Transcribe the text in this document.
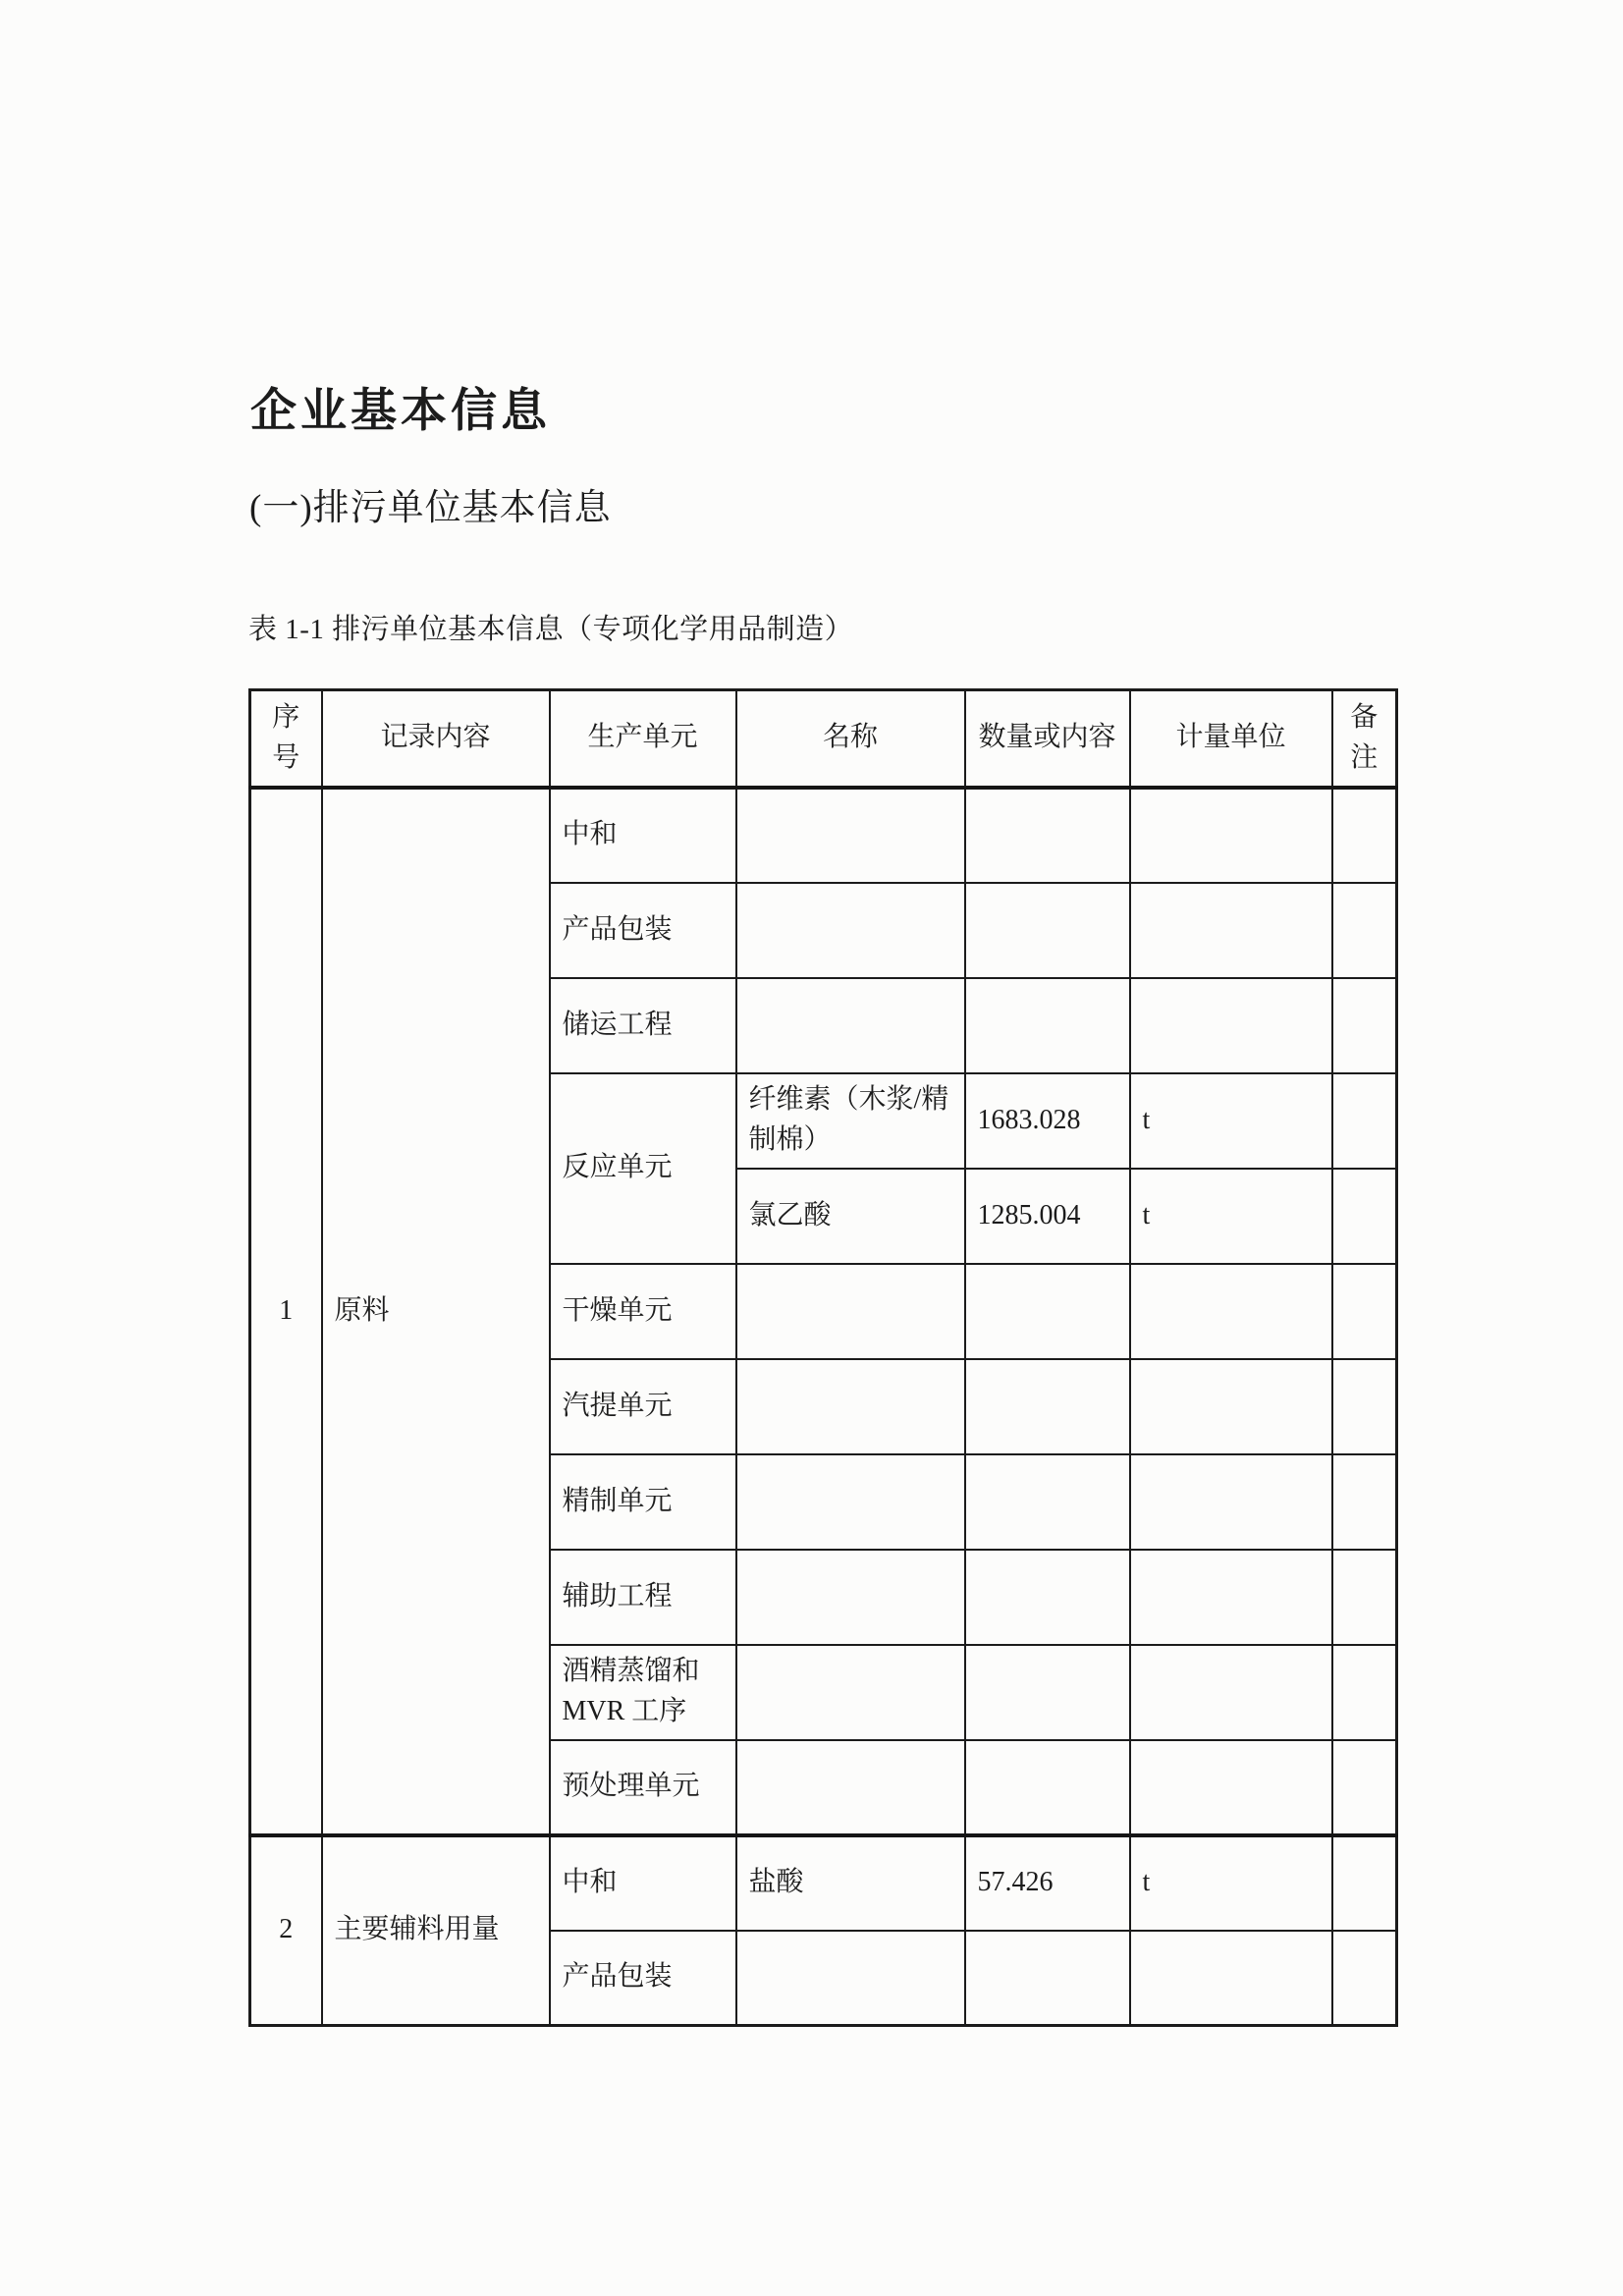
企业基本信息
(一)排污单位基本信息
表 1-1 排污单位基本信息（专项化学用品制造）
序号	记录内容	生产单元	名称	数量或内容	计量单位	备注
1	原料	中和				
		产品包装				
		储运工程				
		反应单元	纤维素（木浆/精制棉）	1683.028	t	
			氯乙酸	1285.004	t	
		干燥单元				
		汽提单元				
		精制单元				
		辅助工程				
		酒精蒸馏和MVR 工序				
		预处理单元				
2	主要辅料用量	中和	盐酸	57.426	t	
		产品包装				
